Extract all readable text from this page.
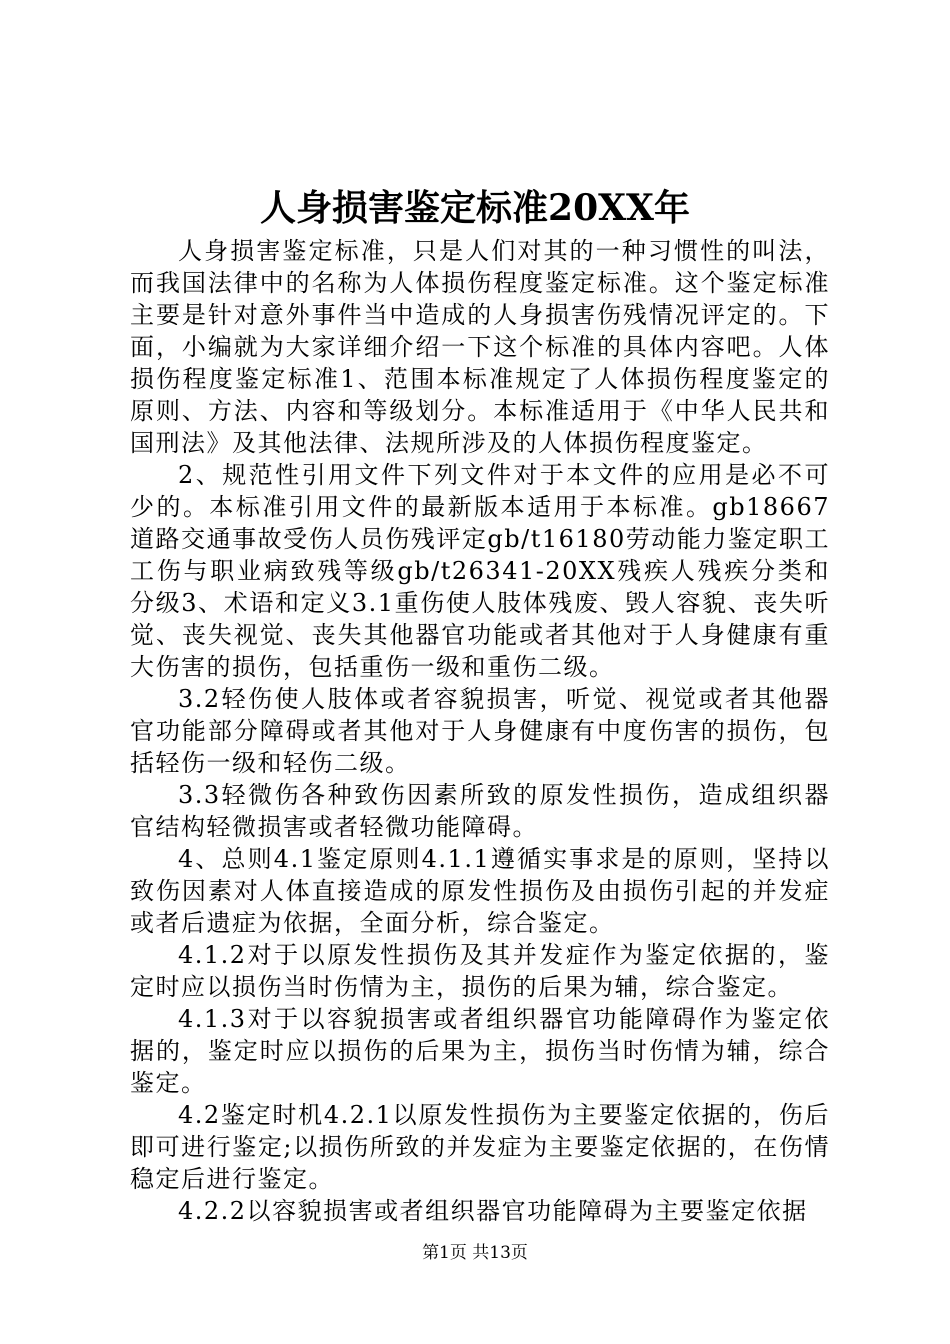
人身损害鉴定标准20XX年

人身损害鉴定标准，只是人们对其的一种习惯性的叫法，而我国法律中的名称为人体损伤程度鉴定标准。这个鉴定标准主要是针对意外事件当中造成的人身损害伤残情况评定的。下面，小编就为大家详细介绍一下这个标准的具体内容吧。人体损伤程度鉴定标准1、范围本标准规定了人体损伤程度鉴定的原则、方法、内容和等级划分。本标准适用于《中华人民共和国刑法》及其他法律、法规所涉及的人体损伤程度鉴定。

2、规范性引用文件下列文件对于本文件的应用是必不可少的。本标准引用文件的最新版本适用于本标准。gb18667道路交通事故受伤人员伤残评定gb/t16180劳动能力鉴定职工工伤与职业病致残等级gb/t26341-20XX残疾人残疾分类和分级3、术语和定义3.1重伤使人肢体残废、毁人容貌、丧失听觉、丧失视觉、丧失其他器官功能或者其他对于人身健康有重大伤害的损伤，包括重伤一级和重伤二级。

3.2轻伤使人肢体或者容貌损害，听觉、视觉或者其他器官功能部分障碍或者其他对于人身健康有中度伤害的损伤，包括轻伤一级和轻伤二级。

3.3轻微伤各种致伤因素所致的原发性损伤，造成组织器官结构轻微损害或者轻微功能障碍。

4、总则4.1鉴定原则4.1.1遵循实事求是的原则，坚持以致伤因素对人体直接造成的原发性损伤及由损伤引起的并发症或者后遗症为依据，全面分析，综合鉴定。

4.1.2对于以原发性损伤及其并发症作为鉴定依据的，鉴定时应以损伤当时伤情为主，损伤的后果为辅，综合鉴定。

4.1.3对于以容貌损害或者组织器官功能障碍作为鉴定依据的，鉴定时应以损伤的后果为主，损伤当时伤情为辅，综合鉴定。

4.2鉴定时机4.2.1以原发性损伤为主要鉴定依据的，伤后即可进行鉴定;以损伤所致的并发症为主要鉴定依据的，在伤情稳定后进行鉴定。

4.2.2以容貌损害或者组织器官功能障碍为主要鉴定依据

第1页 共13页
